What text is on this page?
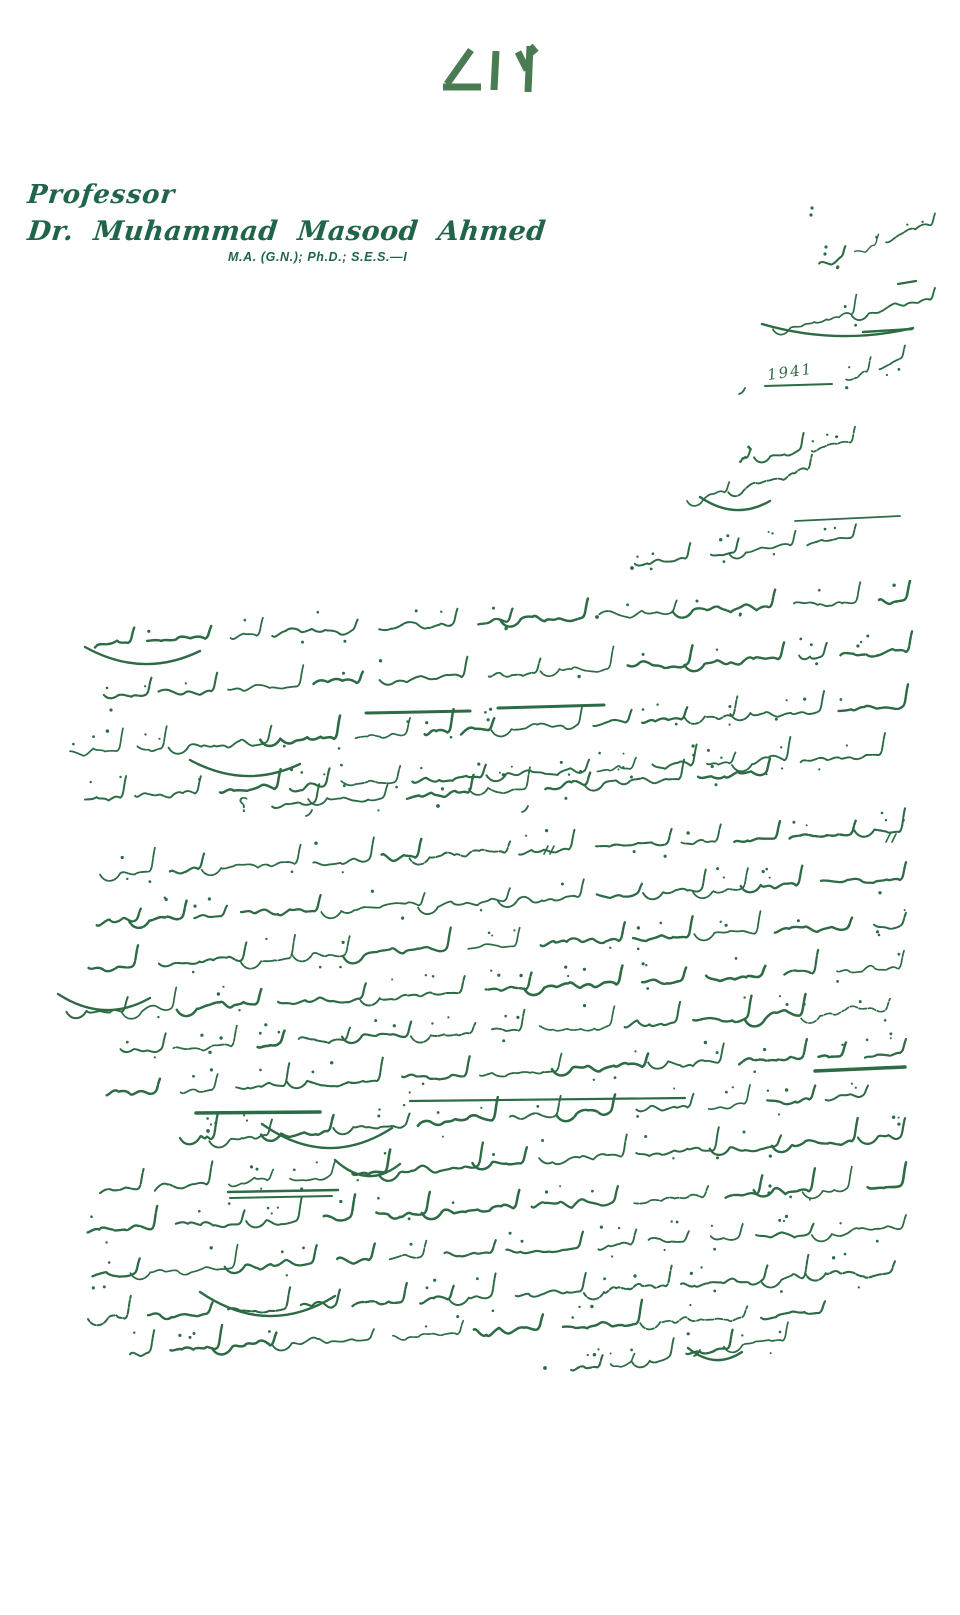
Professor
Dr. Muhammad Masood Ahmed
M.A. (G.N.); Ph.D.; S.E.S.—I
1941
؟
